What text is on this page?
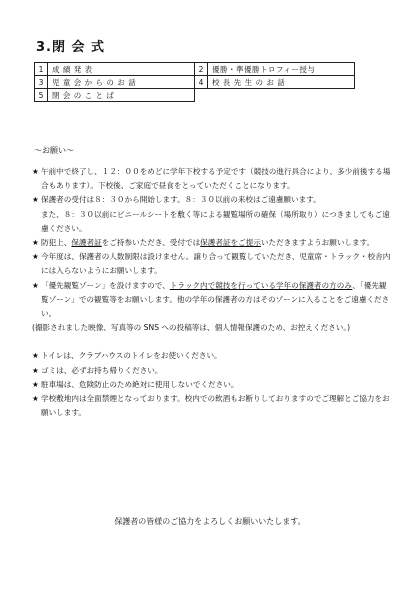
3.閉 会 式
1	成 績 発 表	2	優勝・準優勝トロフィー授与
3	児 童 会 か ら の お 話	4	校 長 先 生 の お 話
5	閉 会 の こ と ば		
～お願い～
★ 午前中で終了し、１２：００をめどに学年下校する予定です（競技の進行具合により、多少前後する場合もあります）。下校後、ご家庭で昼食をとっていただくことになります。
★ 保護者の受付は８：３０から開始します。８：３０以前の来校はご遠慮願います。
また、８：３０以前にビニールシートを敷く等による観覧場所の確保（場所取り）につきましてもご遠慮ください。
★ 防犯上、保護者証をご持参いただき、受付では保護者証をご提示いただきますようお願いします。
★ 今年度は、保護者の人数制限は設けません。譲り合って観覧していただき、児童席・トラック・校舎内には入らないようにお願いします。
★ 「優先観覧ゾーン」を設けますので、トラック内で競技を行っている学年の保護者の方のみ、「優先観覧ゾーン」での観覧等をお願いします。他の学年の保護者の方はそのゾーンに入ることをご遠慮ください。
(撮影されました映像、写真等の SNS への投稿等は、個人情報保護のため、お控えください。)
★ トイレは、クラブハウスのトイレをお使いください。
★ ゴミは、必ずお持ち帰りください。
★ 駐車場は、危険防止のため絶対に使用しないでください。
★ 学校敷地内は全面禁煙となっております。校内での飲酒もお断りしておりますのでご理解とご協力をお願いします。
保護者の皆様のご協力をよろしくお願いいたします。
